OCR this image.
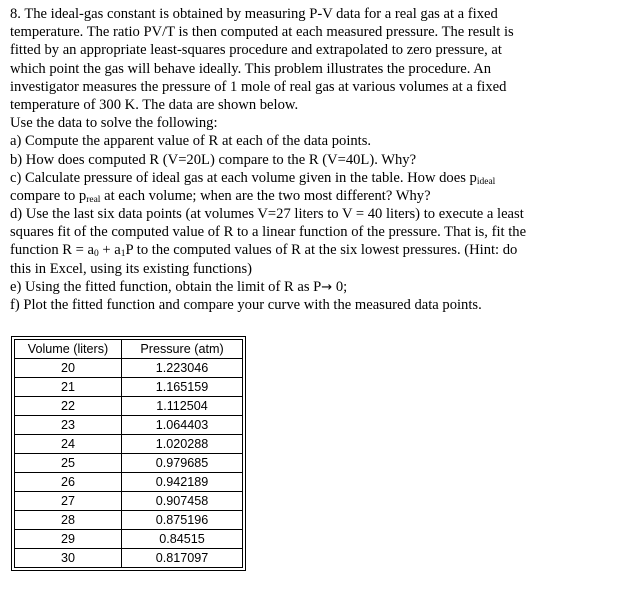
8. The ideal-gas constant is obtained by measuring P-V data for a real gas at a fixed
temperature. The ratio PV/T is then computed at each measured pressure. The result is
fitted by an appropriate least-squares procedure and extrapolated to zero pressure, at
which point the gas will behave ideally. This problem illustrates the procedure. An
investigator measures the pressure of 1 mole of real gas at various volumes at a fixed
temperature of 300 K. The data are shown below.
Use the data to solve the following:
a) Compute the apparent value of R at each of the data points.
b) How does computed R (V=20L) compare to the R (V=40L). Why?
c) Calculate pressure of ideal gas at each volume given in the table. How does $p_{ideal}$
compare to $p_{real}$ at each volume; when are the two most different? Why?
d) Use the last six data points (at volumes V=27 liters to V = 40 liters) to execute a least
squares fit of the computed value of R to a linear function of the pressure. That is, fit the
function $R = a_0 + a_1P$ to the computed values of R at the six lowest pressures. (Hint: do
this in Excel, using its existing functions)
e) Using the fitted function, obtain the limit of R as P→ 0;
f) Plot the fitted function and compare your curve with the measured data points.
Volume (liters)	Pressure (atm)
20	1.223046
21	1.165159
22	1.112504
23	1.064403
24	1.020288
25	0.979685
26	0.942189
27	0.907458
28	0.875196
29	0.84515
30	0.817097
